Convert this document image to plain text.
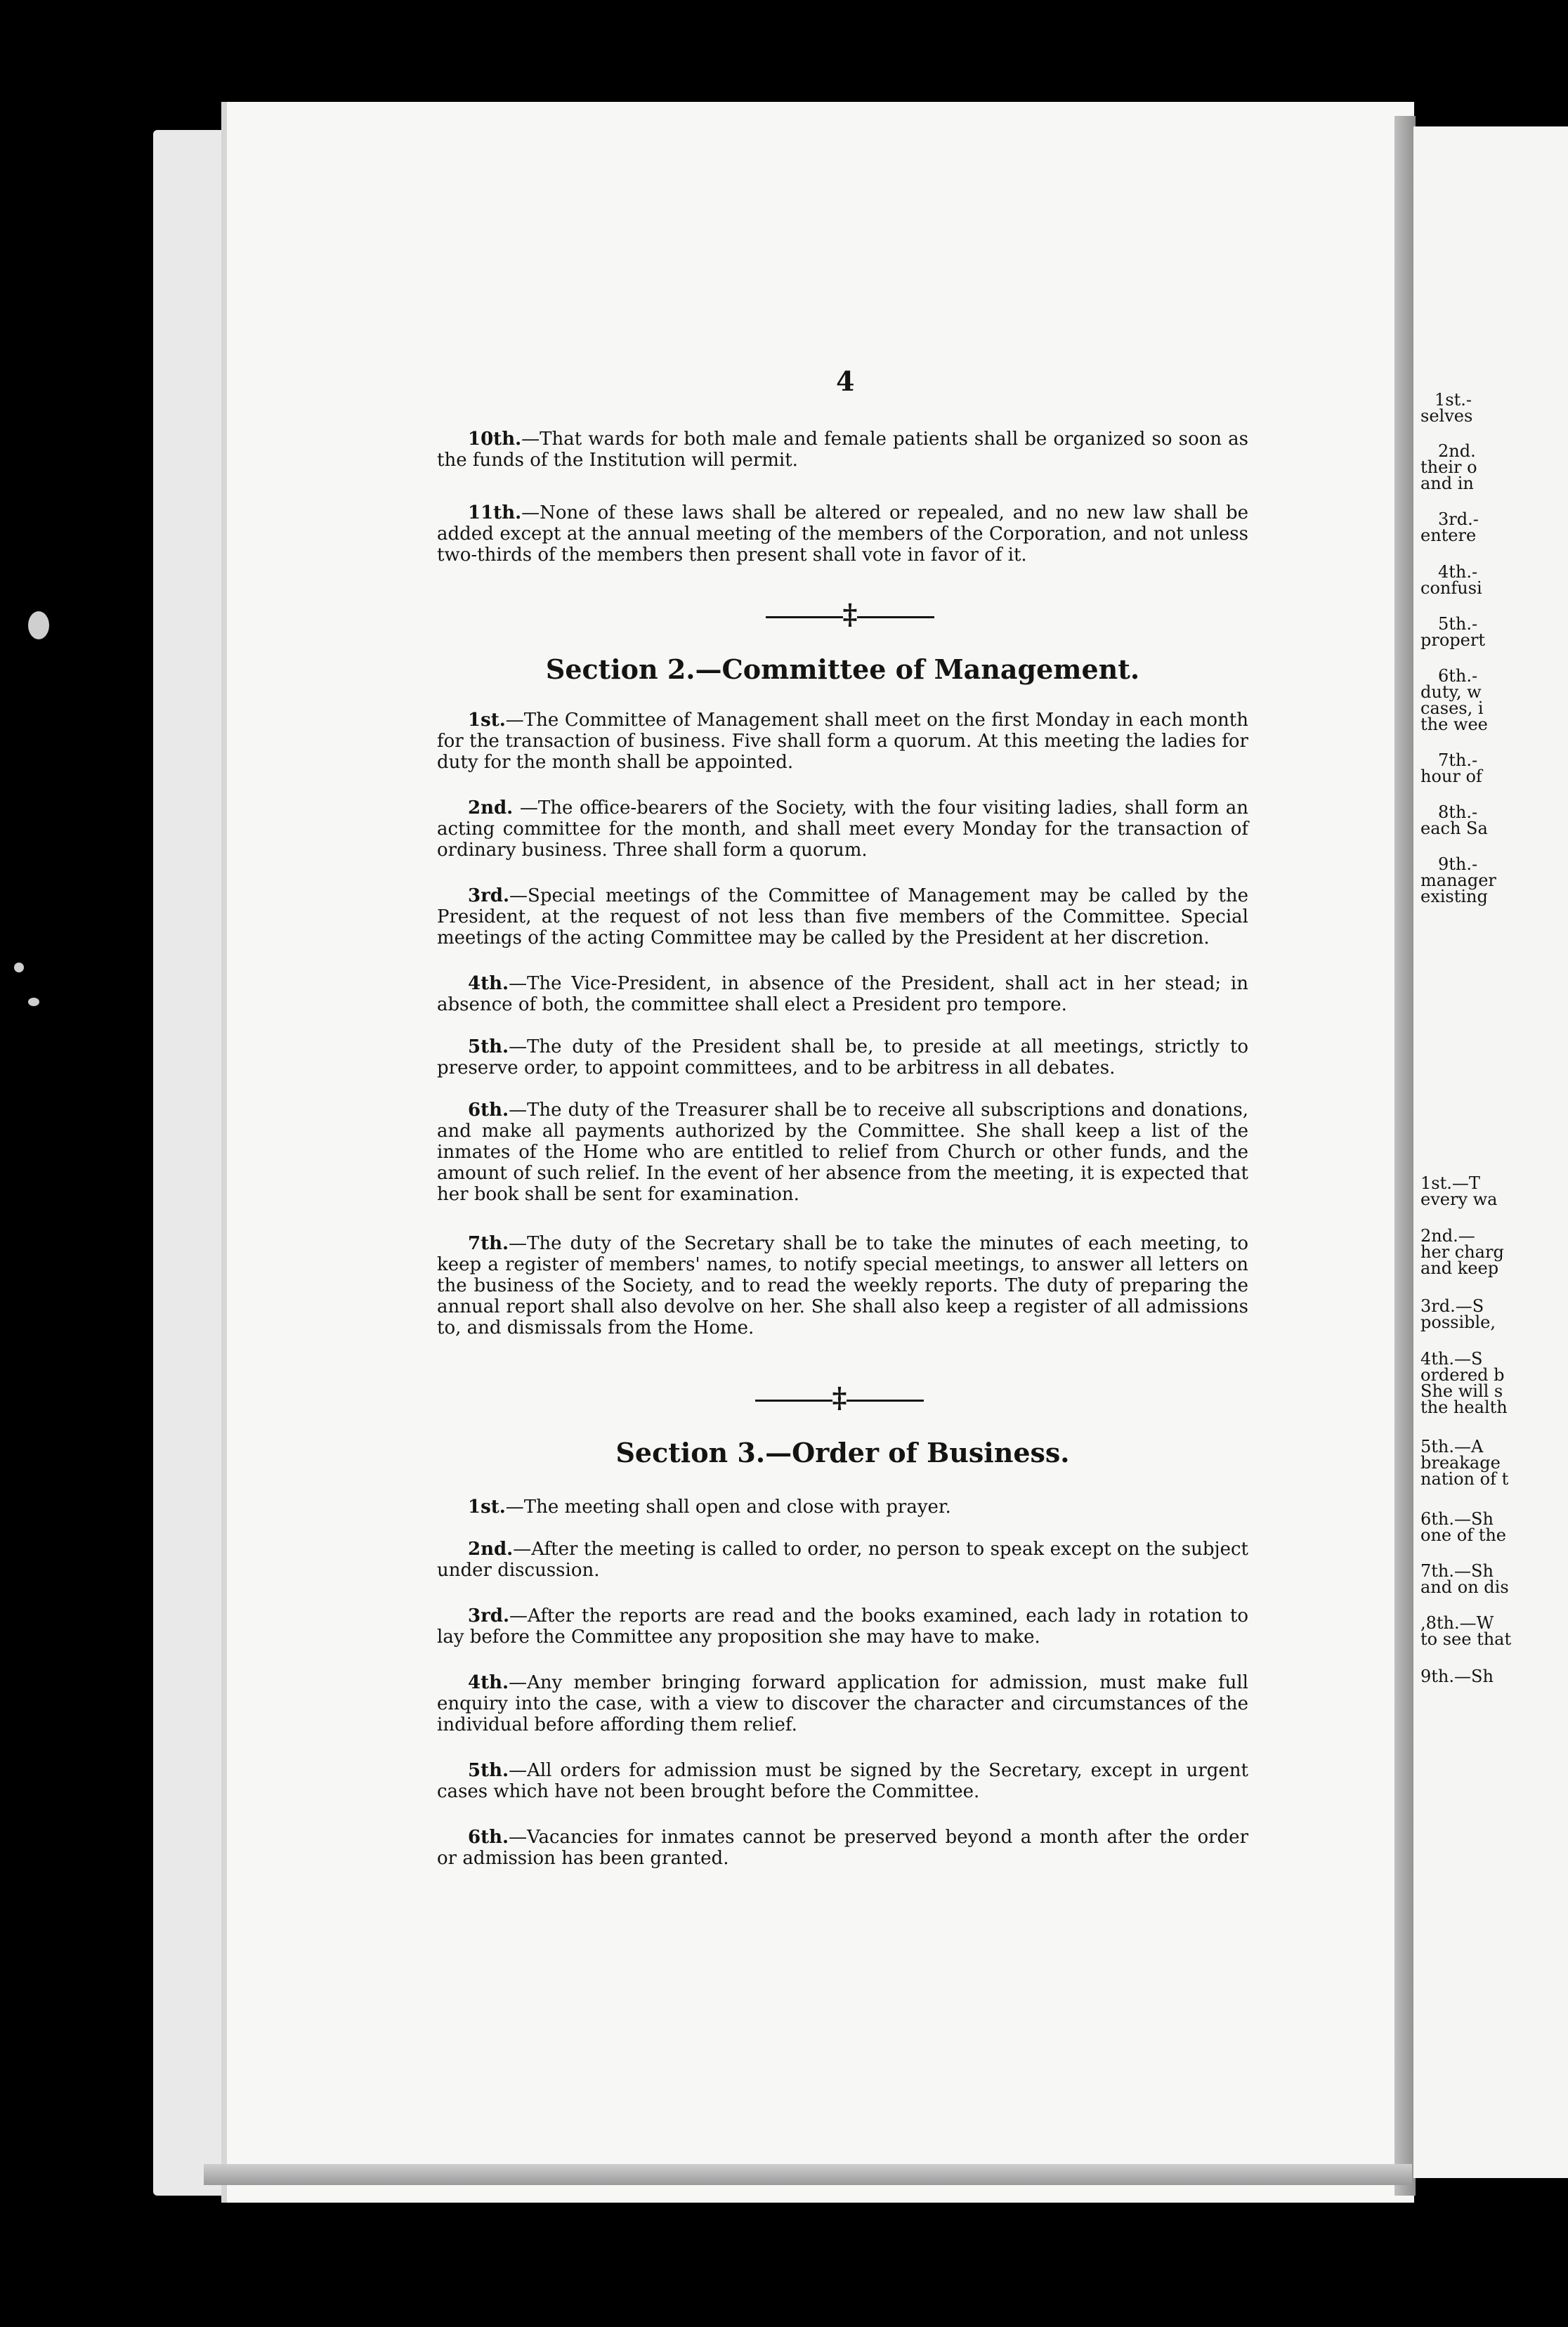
1st.-
selves
2nd.
their o
and in
3rd.-
entere
4th.-
confusi
5th.-
propert
6th.-
duty, w
cases, i
the wee
7th.-
hour of
8th.-
each Sa
9th.-
manager
existing
1st.—T
every wa
2nd.—
her charg
and keep
3rd.—S
possible,
4th.—S
ordered b
She will s
the health
5th.—A
breakage
nation of t
6th.—Sh
one of the
7th.—Sh
and on dis
,8th.—W
to see that
9th.—Sh
4
10th.—That wards for both male and female patients shall be organized so soon as the funds of the Institution will permit.
11th.—None of these laws shall be altered or repealed, and no new law shall be added except at the annual meeting of the members of the Corporation, and not unless two-thirds of the members then present shall vote in favor of it.
‡
Section 2.—Committee of Management.
1st.—The Committee of Management shall meet on the first Monday in each month for the transaction of business. Five shall form a quorum. At this meeting the ladies for duty for the month shall be appointed.
2nd. —The office-bearers of the Society, with the four visiting ladies, shall form an acting committee for the month, and shall meet every Monday for the transaction of ordinary business. Three shall form a quorum.
3rd.—Special meetings of the Committee of Management may be called by the President, at the request of not less than five members of the Committee. Special meetings of the acting Committee may be called by the President at her discretion.
4th.—The Vice-President, in absence of the President, shall act in her stead; in absence of both, the committee shall elect a President pro tempore.
5th.—The duty of the President shall be, to preside at all meetings, strictly to preserve order, to appoint committees, and to be arbitress in all debates.
6th.—The duty of the Treasurer shall be to receive all subscriptions and donations, and make all payments authorized by the Committee. She shall keep a list of the inmates of the Home who are entitled to relief from Church or other funds, and the amount of such relief. In the event of her absence from the meeting, it is expected that her book shall be sent for examination.
7th.—The duty of the Secretary shall be to take the minutes of each meeting, to keep a register of members' names, to notify special meetings, to answer all letters on the business of the Society, and to read the weekly reports. The duty of preparing the annual report shall also devolve on her. She shall also keep a register of all admissions to, and dismissals from the Home.
‡
Section 3.—Order of Business.
1st.—The meeting shall open and close with prayer.
2nd.—After the meeting is called to order, no person to speak except on the subject under discussion.
3rd.—After the reports are read and the books examined, each lady in rotation to lay before the Committee any proposition she may have to make.
4th.—Any member bringing forward application for admission, must make full enquiry into the case, with a view to discover the character and circumstances of the individual before affording them relief.
5th.—All orders for admission must be signed by the Secretary, except in urgent cases which have not been brought before the Committee.
6th.—Vacancies for inmates cannot be preserved beyond a month after the order or admission has been granted.
